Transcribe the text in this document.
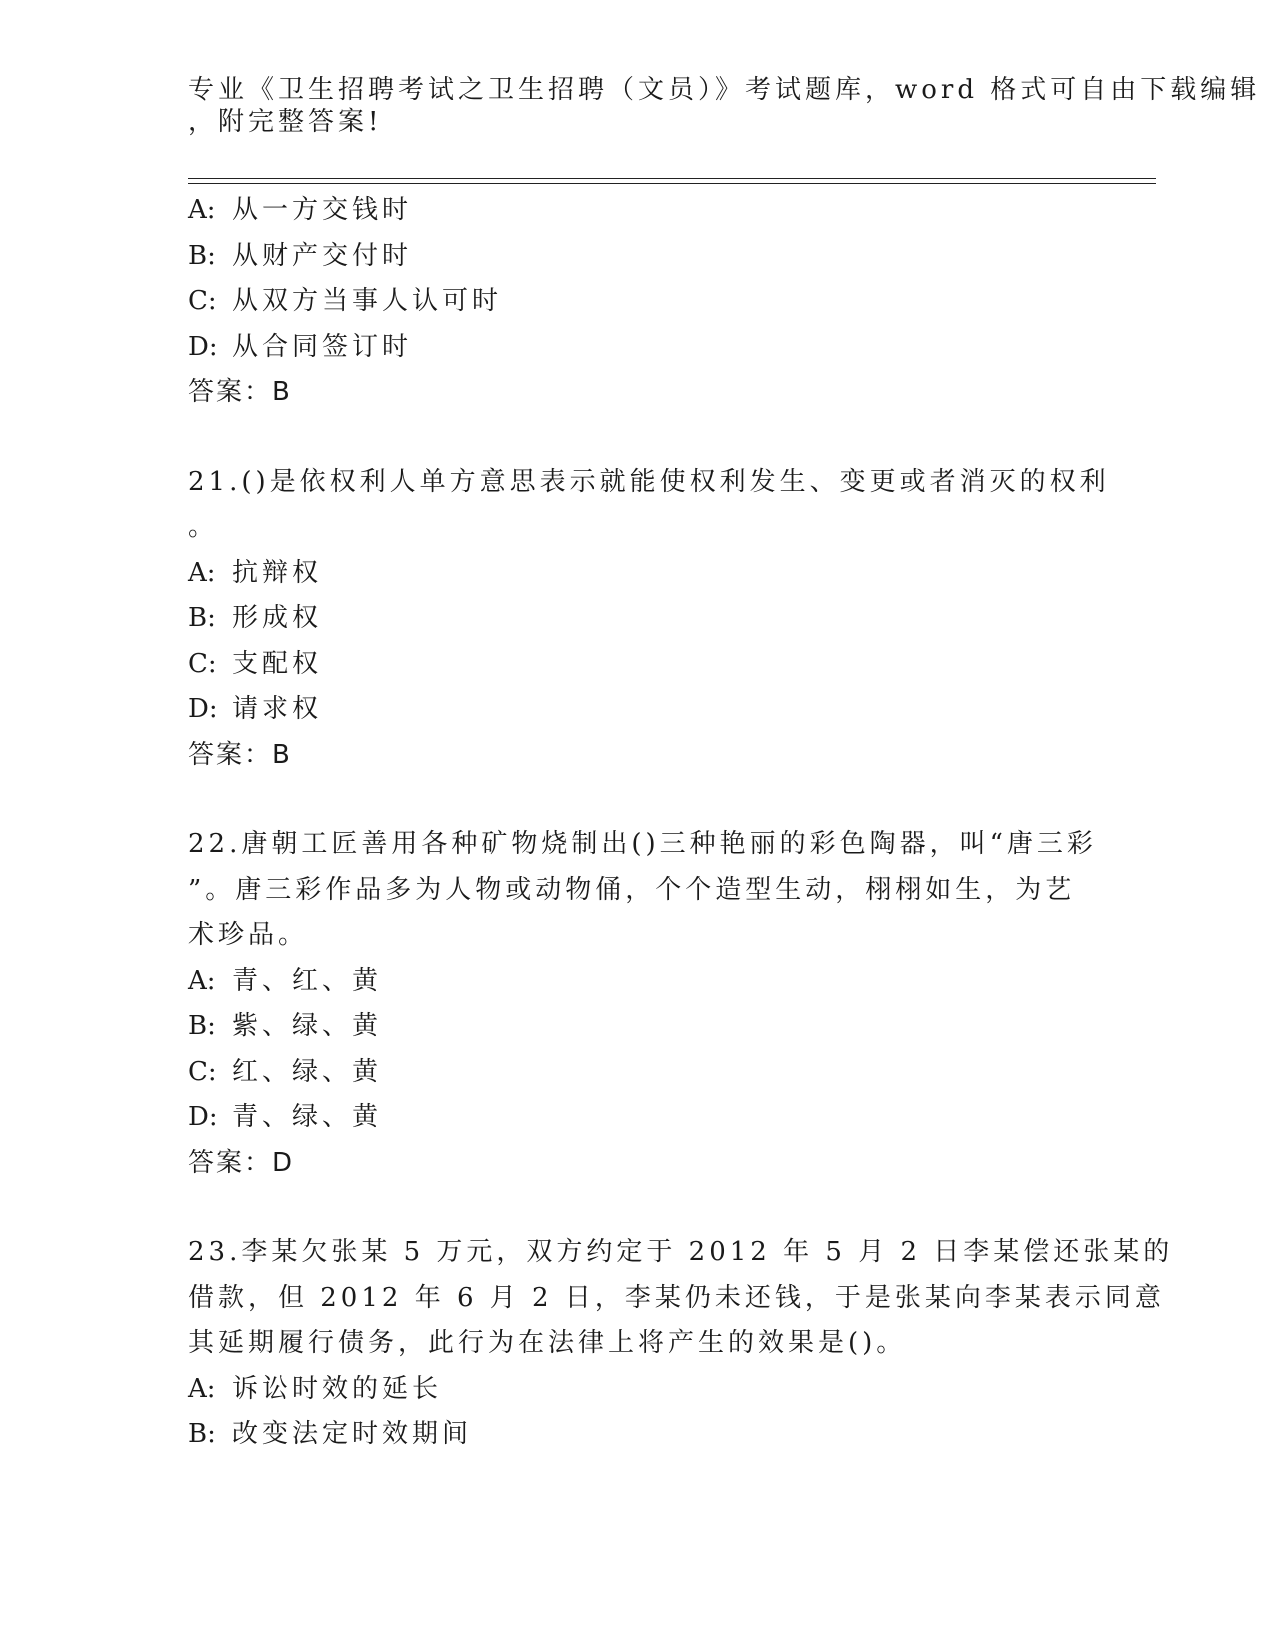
专业《卫生招聘考试之卫生招聘（文员）》考试题库，word 格式可自由下载编辑
，附完整答案!
A: 从一方交钱时
B: 从财产交付时
C: 从双方当事人认可时
D: 从合同签订时
答案：B
21.()是依权利人单方意思表示就能使权利发生、变更或者消灭的权利
。
A: 抗辩权
B: 形成权
C: 支配权
D: 请求权
答案：B
22.唐朝工匠善用各种矿物烧制出()三种艳丽的彩色陶器，叫“唐三彩
”。唐三彩作品多为人物或动物俑，个个造型生动，栩栩如生，为艺
术珍品。
A: 青、红、黄
B: 紫、绿、黄
C: 红、绿、黄
D: 青、绿、黄
答案：D
23.李某欠张某 5 万元，双方约定于 2012 年 5 月 2 日李某偿还张某的
借款，但 2012 年 6 月 2 日，李某仍未还钱，于是张某向李某表示同意
其延期履行债务，此行为在法律上将产生的效果是()。
A: 诉讼时效的延长
B: 改变法定时效期间
